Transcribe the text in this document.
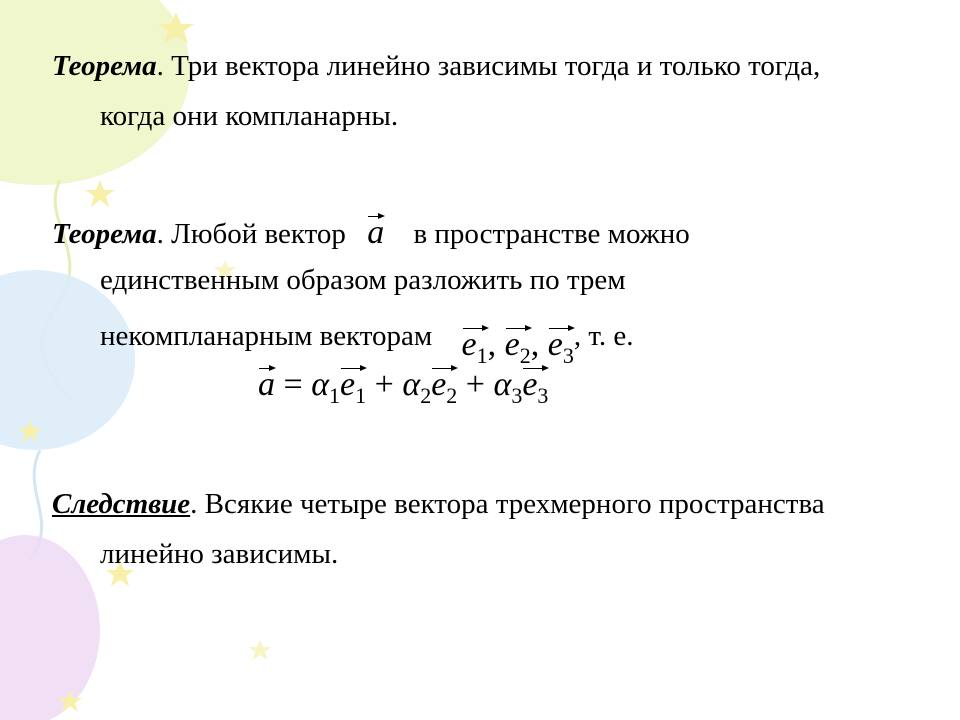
Теорема. Три вектора линейно зависимы тогда и только тогда,
когда они компланарны.
Теорема. Любой вектор a в пространстве можно
единственным образом разложить по трем
некомпланарным векторам $e_1$, $e_2$, $e_3$, т. е.
$a = \alpha_1e_1 + \alpha_2e_2 + \alpha_3e_3$
Следствие. Всякие четыре вектора трехмерного пространства
линейно зависимы.
